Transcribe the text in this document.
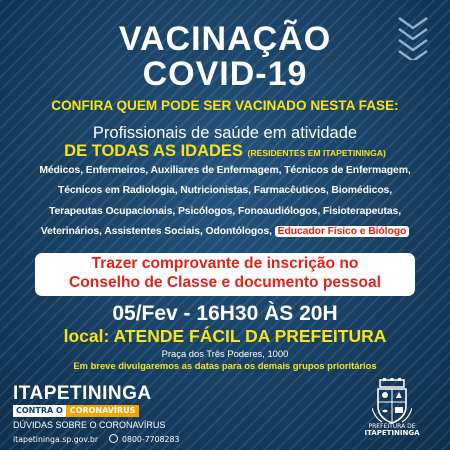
VACINAÇÃO
COVID-19
CONFIRA QUEM PODE SER VACINADO NESTA FASE:
Profissionais de saúde em atividade
DE TODAS AS IDADES (RESIDENTES EM ITAPETININGA)
Médicos, Enfermeiros, Auxiliares de Enfermagem, Técnicos de Enfermagem,
Técnicos em Radiologia, Nutricionistas, Farmacêuticos, Biomédicos,
Terapeutas Ocupacionais, Psicólogos, Fonoaudiólogos, Fisioterapeutas,
Veterinários, Assistentes Sociais, Odontólogos, Educador Físico e Biólogo
Trazer comprovante de inscrição no
Conselho de Classe e documento pessoal
05/Fev - 16H30 ÀS 20H
local: ATENDE FÁCIL DA PREFEITURA
Praça dos Três Poderes, 1000
Em breve divulgaremos as datas para os demais grupos prioritários
ITAPETININGA
CONTRA O CORONAVÍRUS
DÚVIDAS SOBRE O CORONAVÍRUS
itapetininga.sp.gov.br	0800-7708283
PREFEITURA DE
ITAPETININGA
